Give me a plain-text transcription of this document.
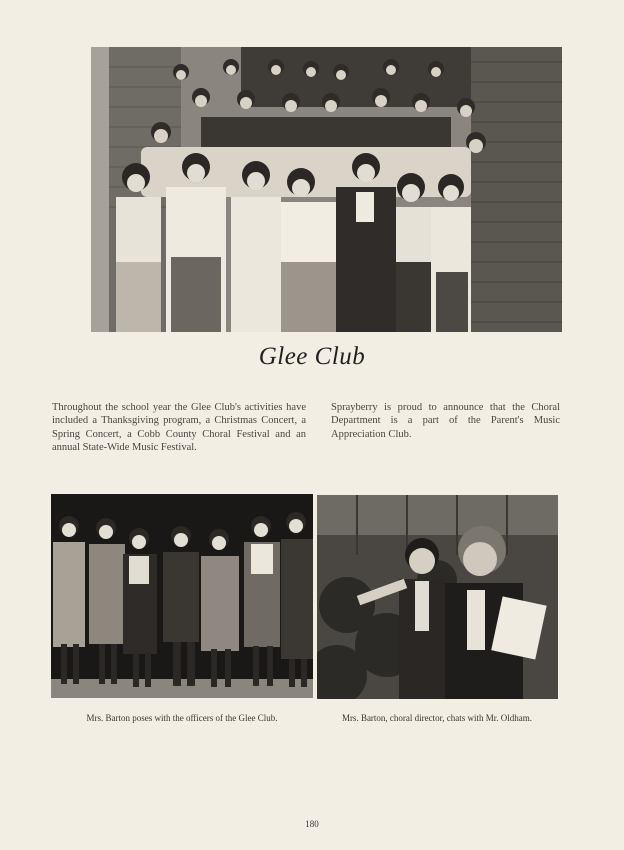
Glee Club
Throughout the school year the Glee Club's activities have included a Thanksgiving program, a Christmas Concert, a Spring Concert, a Cobb County Choral Festival and an annual State-Wide Music Festival.
Sprayberry is proud to announce that the Choral Department is a part of the Parent's Music Appreciation Club.
Mrs. Barton poses with the officers of the Glee Club.	Mrs. Barton, choral director, chats with Mr. Oldham.
180
